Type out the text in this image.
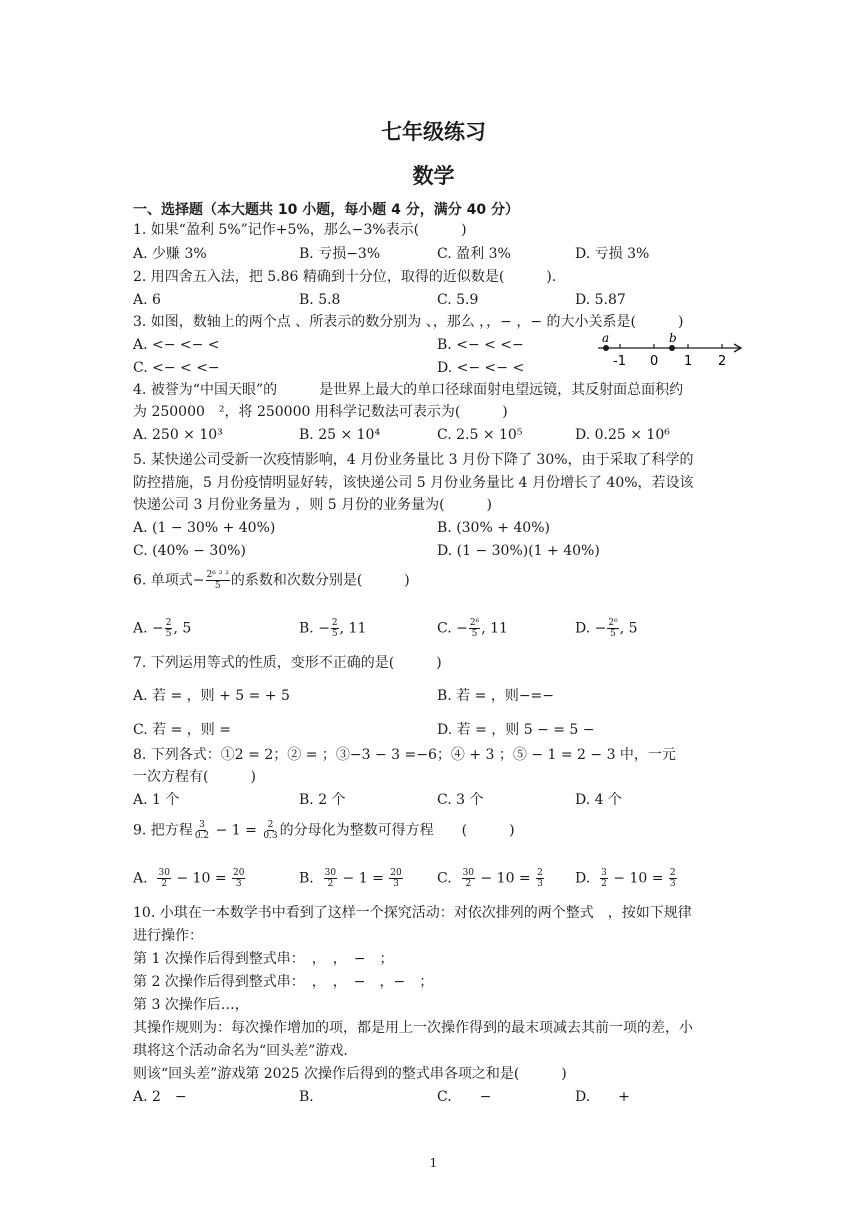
七年级练习
数学
一、选择题（本大题共 10 小题，每小题 4 分，满分 40 分）
1. 如果“盈利 5%”记作+5%，那么−3%表示(　　　)
A. 少赚 3%	B. 亏损−3%	C. 盈利 3%	D. 亏损 3%
2. 用四舍五入法，把 5.86 精确到十分位，取得的近似数是(　　　).
A. 6	B. 5.8	C. 5.9	D. 5.87
3. 如图，数轴上的两个点 、所表示的数分别为 、，那么 ，，− ，− 的大小关系是(　　　)
A. <− <− <	B. <− < <−
C. <− < <−	D. <− <− <
a	b
-1 0 1 2
4. 被誉为“中国天眼”的　　　是世界上最大的单口径球面射电望远镜，其反射面总面积约
为 250000　²，将 250000 用科学记数法可表示为(　　　)
A. 250 × 10³	B. 25 × 10⁴	C. 2.5 × 10⁵	D. 0.25 × 10⁶
5. 某快递公司受新一次疫情影响，4 月份业务量比 3 月份下降了 30%，由于采取了科学的
防控措施，5 月份疫情明显好转，该快递公司 5 月份业务量比 4 月份增长了 40%，若设该
快递公司 3 月份业务量为 ，则 5 月份的业务量为(　　　)
A. (1 − 30% + 40%)	B. (30% + 40%)
C. (40% − 30%)	D. (1 − 30%)(1 + 40%)
6. 单项式− $\frac{\text{2⁶ ³ ²}}{5}$ 的系数和次数分别是(　　　)
A. − $\frac{2}{5}$ , 5	B. − $\frac{2}{5}$ , 11	C. − $\frac{\text{2⁶}}{5}$ , 11	D. − $\frac{\text{2⁶}}{5}$ , 5
7. 下列运用等式的性质，变形不正确的是(　　　)
A. 若 = ，则 + 5 = + 5	B. 若 = ，则−=−
C. 若 = ，则 =	D. 若 = ，则 5 − = 5 −
8. 下列各式：①2 = 2；② = ；③−3 − 3 =−6；④ + 3 ；⑤ − 1 = 2 − 3 中，一元
一次方程有(　　　)
A. 1 个	B. 2 个	C. 3 个	D. 4 个
9. 把方程 $\frac{3}{0.2} - 1 = \frac{2}{0.3}$ 的分母化为整数可得方程　　(　　　)
A. $\frac{30}{2} - 10 = \frac{20}{3}$	B. $\frac{30}{2} - 1 = \frac{20}{3} C$. $\frac{30}{2} - 10 = \frac{2}{3} D$. $\frac{3}{2} - 10 = \frac{2}{3}$
10. 小琪在一本数学书中看到了这样一个探究活动：对依次排列的两个整式　，按如下规律
进行操作：
第 1 次操作后得到整式串：　，　，　−　；
第 2 次操作后得到整式串：　，　，　−　，−　；
第 3 次操作后…，
其操作规则为：每次操作增加的项，都是用上一次操作得到的最末项减去其前一项的差，小
琪将这个活动命名为“回头差”游戏.
则该“回头差”游戏第 2025 次操作后得到的整式串各项之和是(　　　)
A. 2　−	B.	C.　　−	D.　　+
1
